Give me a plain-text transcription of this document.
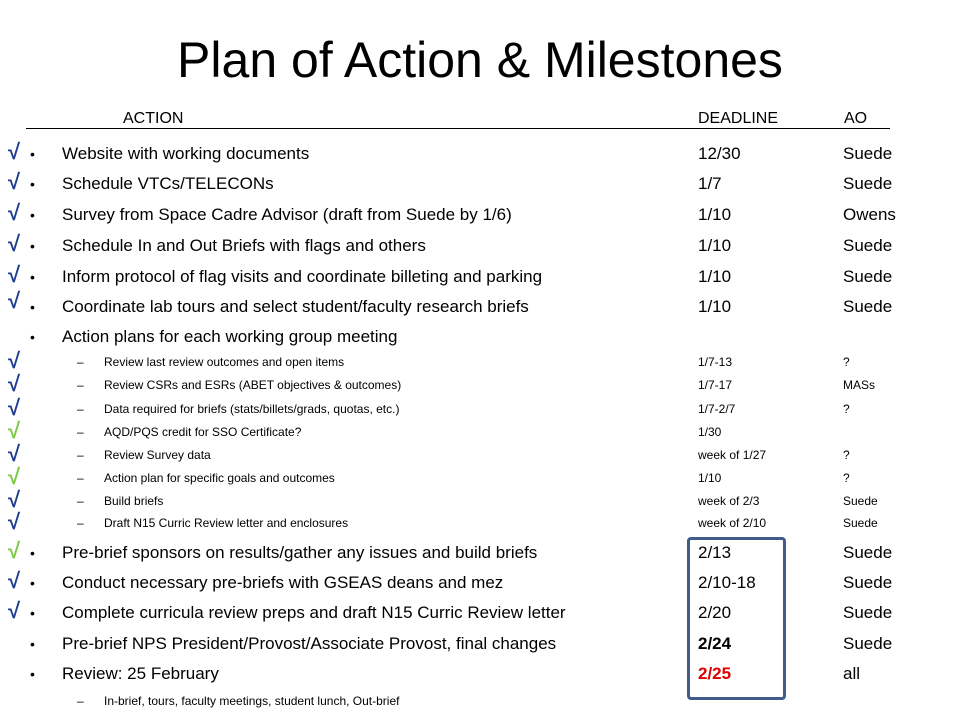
Plan of Action & Milestones
ACTION	DEADLINE	AO
√ • Website with working documents	12/30	Suede
√ • Schedule VTCs/TELECONs	1/7	Suede
√ • Survey from Space Cadre Advisor (draft from Suede by 1/6)	1/10	Owens
√ • Schedule In and Out Briefs with flags and others	1/10	Suede
√ • Inform protocol of flag visits and coordinate billeting and parking	1/10	Suede
√ • Coordinate lab tours and select student/faculty research briefs	1/10	Suede
• Action plans for each working group meeting
√	– Review last review outcomes and open items	1/7-13	?
√	– Review CSRs and ESRs (ABET objectives & outcomes)	1/7-17	MASs
√	– Data required for briefs (stats/billets/grads, quotas, etc.)	1/7-2/7	?
√	– AQD/PQS credit for SSO Certificate?	1/30
√	– Review Survey data	week of 1/27	?
√	– Action plan for specific goals and outcomes	1/10	?
√	– Build briefs	week of 2/3	Suede
√	– Draft N15 Curric Review letter and enclosures	week of 2/10	Suede
√ • Pre-brief sponsors on results/gather any issues and build briefs	2/13	Suede
√ • Conduct necessary pre-briefs with GSEAS deans and mez	2/10-18	Suede
√ • Complete curricula review preps and draft N15 Curric Review letter	2/20	Suede
• Pre-brief NPS President/Provost/Associate Provost, final changes	2/24	Suede
• Review: 25 February	2/25	all
– In-brief, tours, faculty meetings, student lunch, Out-brief
